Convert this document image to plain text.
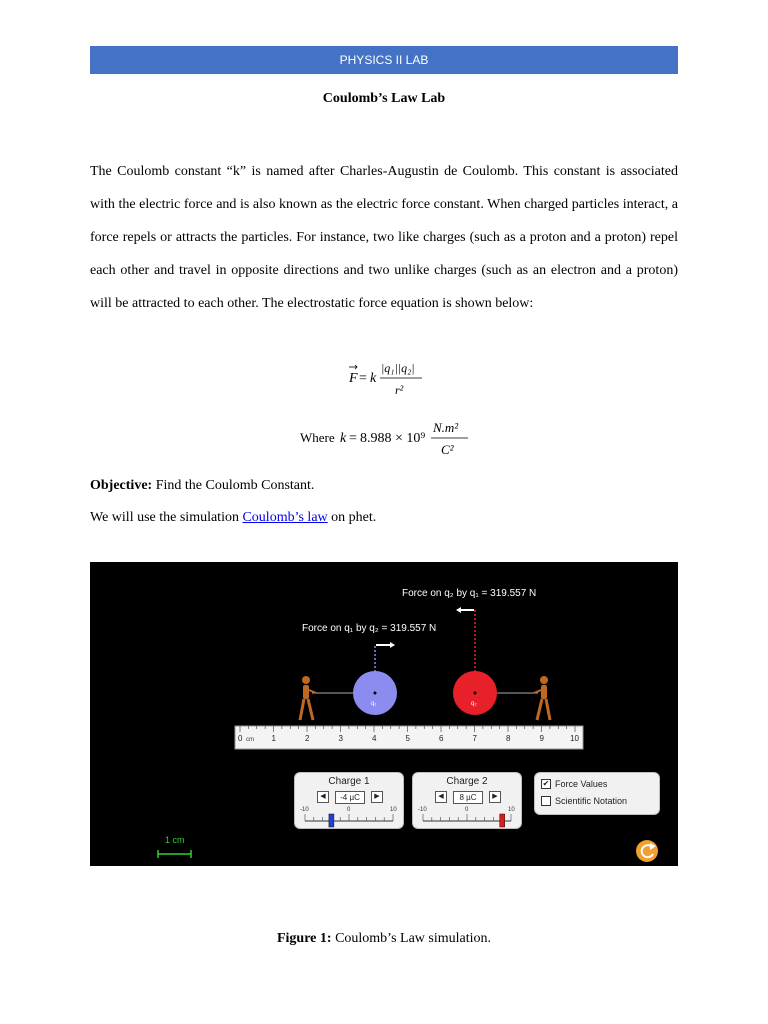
PHYSICS II LAB
Coulomb’s Law Lab

The Coulomb constant “k” is named after Charles-Augustin de Coulomb. This constant is associated with the electric force and is also known as the electric force constant. When charged particles interact, a force repels or attracts the particles. For instance, two like charges (such as a proton and a proton) repel each other and travel in opposite directions and two unlike charges (such as an electron and a proton) will be attracted to each other. The electrostatic force equation is shown below:

F = k
|q₁||q₂|
r²
Where k = 8.988 × 10⁹
N.m²
C²
Objective: Find the Coulomb Constant.
We will use the simulation Coulomb’s law on phet.
Force on q₂ by q₁ = 319.557 N
Force on q₁ by q₂ = 319.557 N
q₁	q₂
0	1	2	3	4	5	6	7	8	9	10
cm
1 cm
Charge 1
◀	-4 µC	▶
-10	0	10
Charge 2
◀	8 µC	▶
-10	0	10
✔ Force Values
Scientific Notation
Figure 1: Coulomb’s Law simulation.
